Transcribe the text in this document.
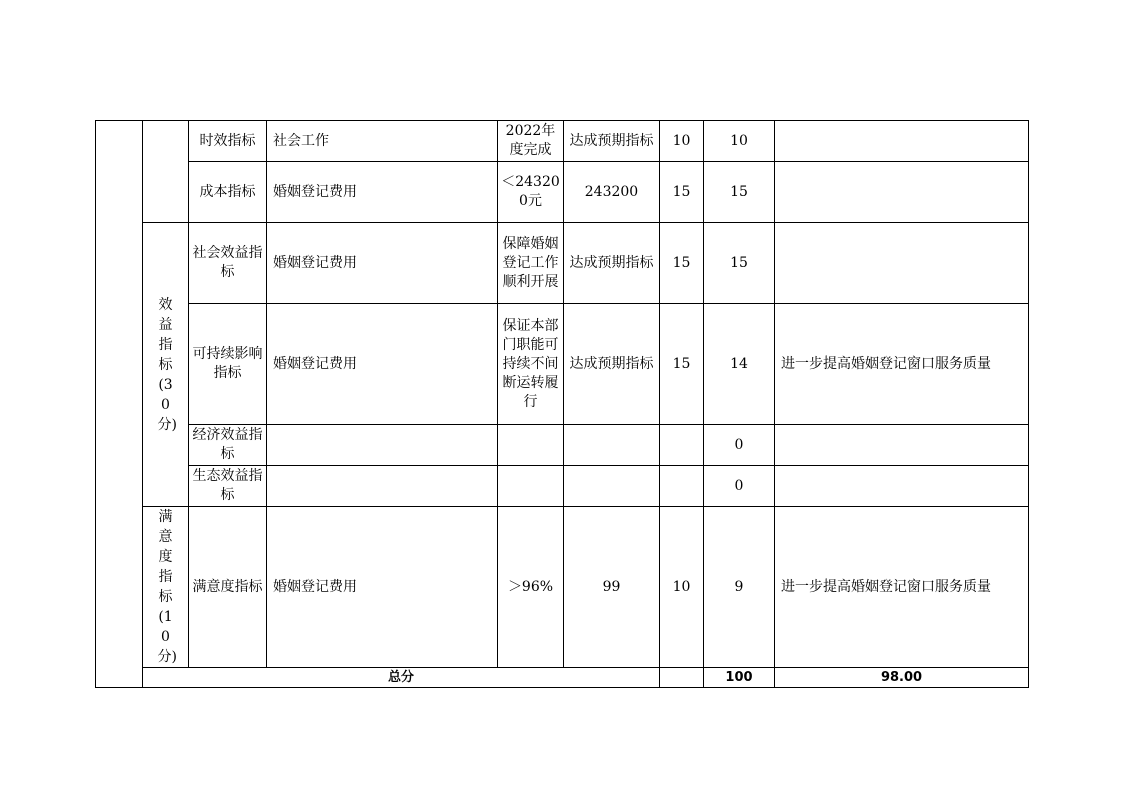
		时效指标	社会工作	2022年度完成	达成预期指标	10	10		
		成本指标	婚姻登记费用	＜243200元	243200	15	15		
	效益指标(30分)	社会效益指标	婚姻登记费用	保障婚姻登记工作顺利开展	达成预期指标	15	15		
		可持续影响指标	婚姻登记费用	保证本部门职能可持续不间断运转履行	达成预期指标	15	14	进一步提高婚姻登记窗口服务质量	
		经济效益指标					0		
		生态效益指标					0		
	满意度指标(10分)	满意度指标	婚姻登记费用	＞96%	99	10	9	进一步提高婚姻登记窗口服务质量	
	总分						100	98.00	
